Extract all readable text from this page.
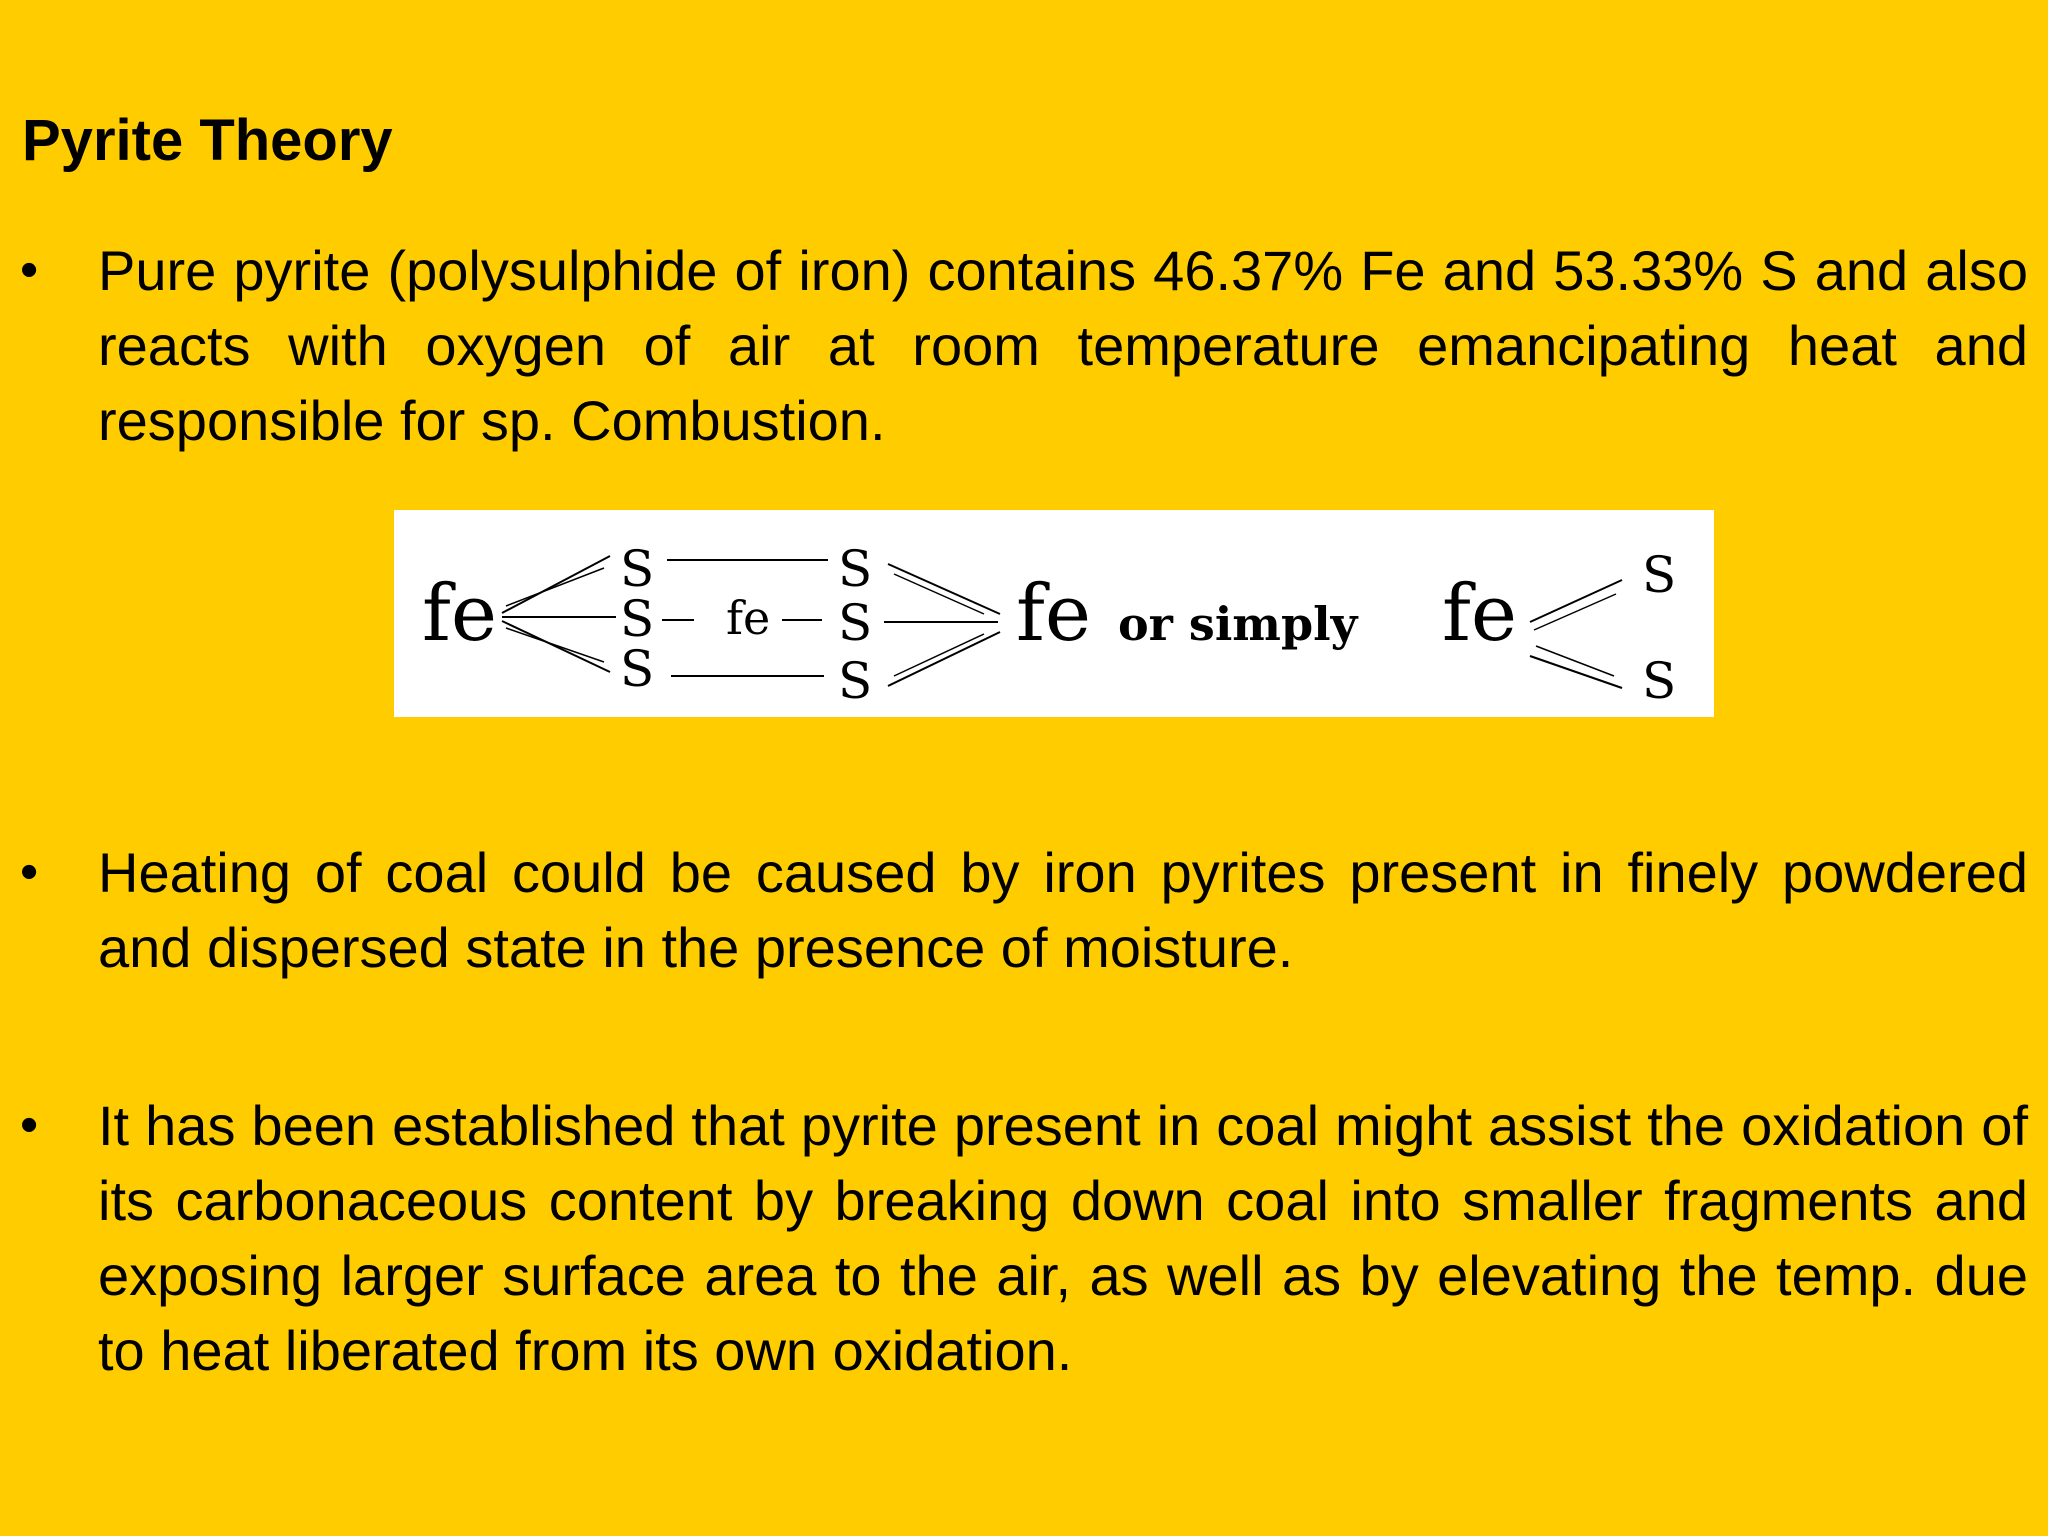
Pyrite Theory
•	Pure pyrite (polysulphide of iron) contains 46.37% Fe and 53.33% S and also reacts with oxygen of air at room temperature emancipating heat and responsible for sp. Combustion.
fe S
S
S
fe
S
S
S
fe or simply fe S
S
•	Heating of coal could be caused by iron pyrites present in finely powdered and dispersed state in the presence of moisture.
•	It has been established that pyrite present in coal might assist the oxidation of its carbonaceous content by breaking down coal into smaller fragments and exposing larger surface area to the air, as well as by elevating the temp. due to heat liberated from its own oxidation.
